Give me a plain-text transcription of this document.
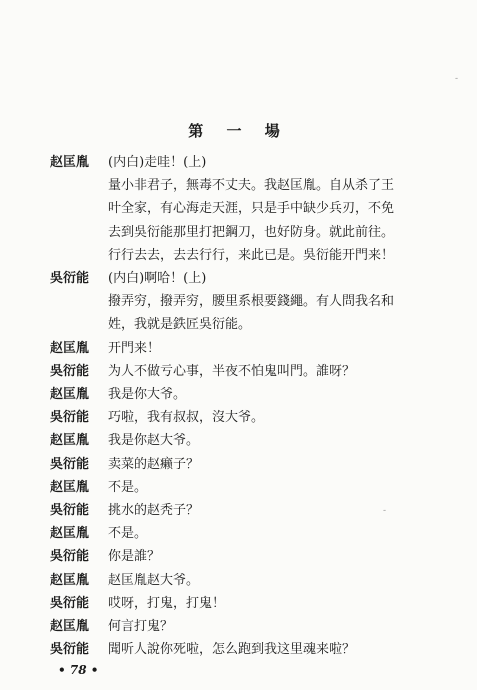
第 一 場
赵匡胤	(内白)走哇！(上)
量小非君子，無毒不丈夫。我赵匡胤。自从杀了王
叶全家，有心海走天涯，只是手中缺少兵刃，不免
去到吳衍能那里打把鋼刀，也好防身。就此前往。
行行去去，去去行行，来此已是。吳衍能开門来！
吳衍能	(内白)啊哈！(上)
撥弄穷，撥弄穷，腰里系根要錢繩。有人問我名和
姓，我就是鉄匠吳衍能。
赵匡胤	开門来！
吳衍能	为人不做亏心事，半夜不怕鬼叫門。誰呀？
赵匡胤	我是你大爷。
吳衍能	巧啦，我有叔叔，沒大爷。
赵匡胤	我是你赵大爷。
吳衍能	卖菜的赵癞子？
赵匡胤	不是。
吳衍能	挑水的赵秃子？
赵匡胤	不是。
吳衍能	你是誰？
赵匡胤	赵匡胤赵大爷。
吳衍能	哎呀，打鬼，打鬼！
赵匡胤	何言打鬼？
吳衍能	聞听人說你死啦，怎么跑到我这里魂来啦？
• 78 •
-
-
